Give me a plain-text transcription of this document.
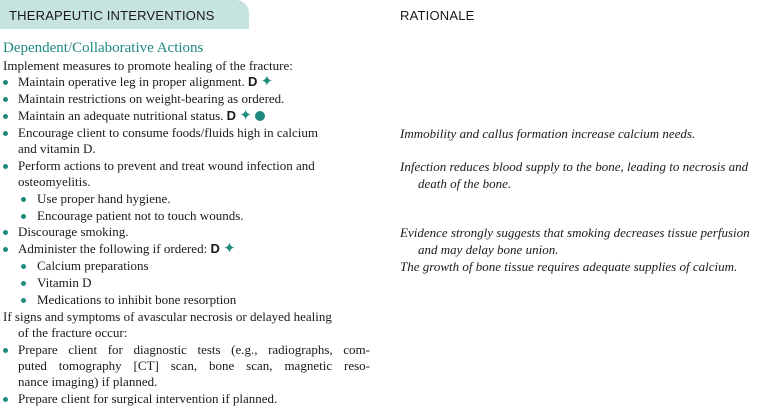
THERAPEUTIC INTERVENTIONS	RATIONALE
Dependent/Collaborative Actions
Implement measures to promote healing of the fracture:
Maintain operative leg in proper alignment. D ✦
Maintain restrictions on weight-bearing as ordered.
Maintain an adequate nutritional status. D ✦
Encourage client to consume foods/fluids high in calcium
and vitamin D.
Perform actions to prevent and treat wound infection and
osteomyelitis.
Use proper hand hygiene.
Encourage patient not to touch wounds.
Discourage smoking.
Administer the following if ordered: D ✦
Calcium preparations
Vitamin D
Medications to inhibit bone resorption
If signs and symptoms of avascular necrosis or delayed healing
of the fracture occur:
Prepare client for diagnostic tests (e.g., radiographs, com-
puted tomography [CT] scan, bone scan, magnetic reso-
nance imaging) if planned.
Prepare client for surgical intervention if planned.
Immobility and callus formation increase calcium needs.
Infection reduces blood supply to the bone, leading to necrosis and
death of the bone.
Evidence strongly suggests that smoking decreases tissue perfusion
and may delay bone union.
The growth of bone tissue requires adequate supplies of calcium.
